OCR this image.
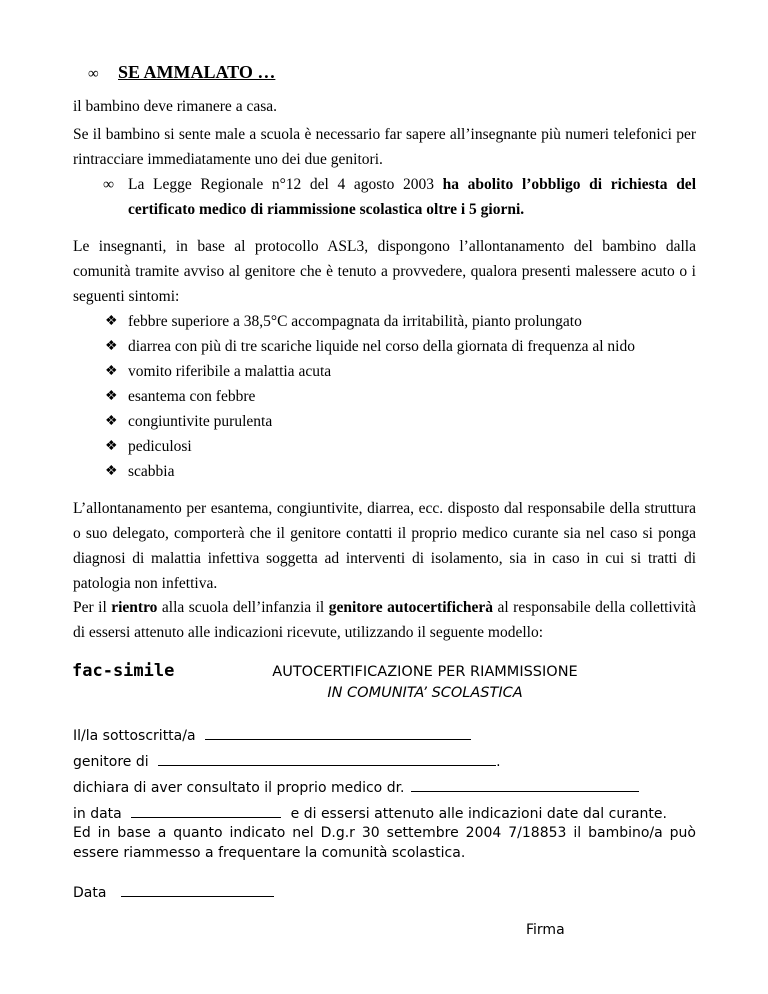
∞ SE AMMALATO …
il bambino deve rimanere a casa.
Se il bambino si sente male a scuola è necessario far sapere all’insegnante più numeri telefonici per
rintracciare immediatamente uno dei due genitori.
∞ La Legge Regionale n°12 del 4 agosto 2003 ha abolito l’obbligo di richiesta del
certificato medico di riammissione scolastica oltre i 5 giorni.
Le insegnanti, in base al protocollo ASL3, dispongono l’allontanamento del bambino dalla
comunità tramite avviso al genitore che è tenuto a provvedere, qualora presenti malessere acuto o i
seguenti sintomi:
❖ febbre superiore a 38,5°C accompagnata da irritabilità, pianto prolungato
❖ diarrea con più di tre scariche liquide nel corso della giornata di frequenza al nido
❖ vomito riferibile a malattia acuta
❖ esantema con febbre
❖ congiuntivite purulenta
❖ pediculosi
❖ scabbia
L’allontanamento per esantema, congiuntivite, diarrea, ecc. disposto dal responsabile della struttura
o suo delegato, comporterà che il genitore contatti il proprio medico curante sia nel caso si ponga
diagnosi di malattia infettiva soggetta ad interventi di isolamento, sia in caso in cui si tratti di
patologia non infettiva.
Per il rientro alla scuola dell’infanzia il genitore autocertificherà al responsabile della collettività
di essersi attenuto alle indicazioni ricevute, utilizzando il seguente modello:
fac-simile	AUTOCERTIFICAZIONE PER RIAMMISSIONE
IN COMUNITA’ SCOLASTICA
Il/la sottoscritta/a
genitore di	.
dichiara di aver consultato il proprio medico dr.
in data	e di essersi attenuto alle indicazioni date dal curante.
Ed in base a quanto indicato nel D.g.r 30 settembre 2004 7/18853 il bambino/a può
essere riammesso a frequentare la comunità scolastica.
Data
Firma
